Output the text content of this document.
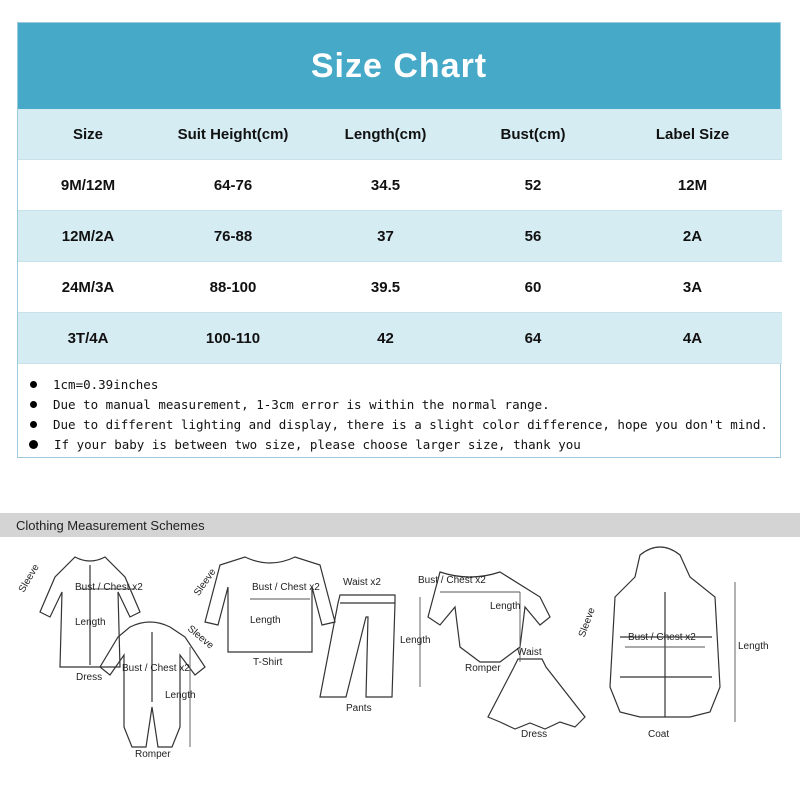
Size Chart
Size	Suit Height(cm)	Length(cm)	Bust(cm)	Label Size
9M/12M	64-76	34.5	52	12M
12M/2A	76-88	37	56	2A
24M/3A	88-100	39.5	60	3A
3T/4A	100-110	42	64	4A
1cm=0.39inches
Due to manual measurement, 1-3cm error is within the normal range.
Due to different lighting and display, there is a slight color difference, hope you don't mind.
If your baby is between two size, please choose larger size, thank you
Clothing Measurement Schemes
Sleeve	Bust / Chest x2
Length
Dress
Sleeve
Bust / Chest x2
Length
Romper
Sleeve	Bust / Chest x2
Length
T-Shirt
Waist x2
Length
Pants
Bust / Chest x2
Length
Romper
Waist
Dress
Sleeve	Bust / Chest x2
Length
Coat
